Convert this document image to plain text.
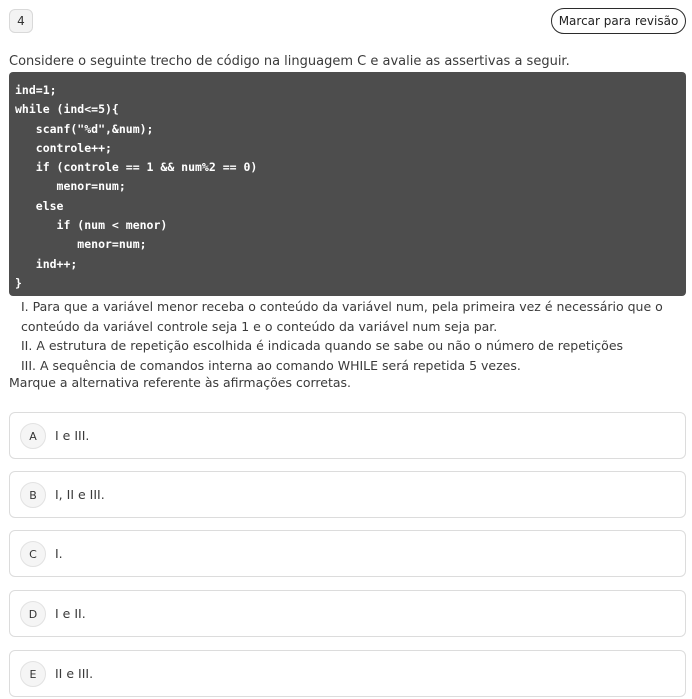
4	Marcar para revisão
Considere o seguinte trecho de código na linguagem C e avalie as assertivas a seguir.
ind=1;
while (ind<=5){
scanf("%d",&num);
controle++;
if (controle == 1 && num%2 == 0)
menor=num;
else
if (num < menor)
menor=num;
ind++;
}

I. Para que a variável menor receba o conteúdo da variável num, pela primeira vez é necessário que o conteúdo da variável controle seja 1 e o conteúdo da variável num seja par.

II. A estrutura de repetição escolhida é indicada quando se sabe ou não o número de repetições

III. A sequência de comandos interna ao comando WHILE será repetida 5 vezes.

Marque a alternativa referente às afirmações corretas.
A	I e III.
B	I, II e III.
C	I.
D	I e II.
E	II e III.
